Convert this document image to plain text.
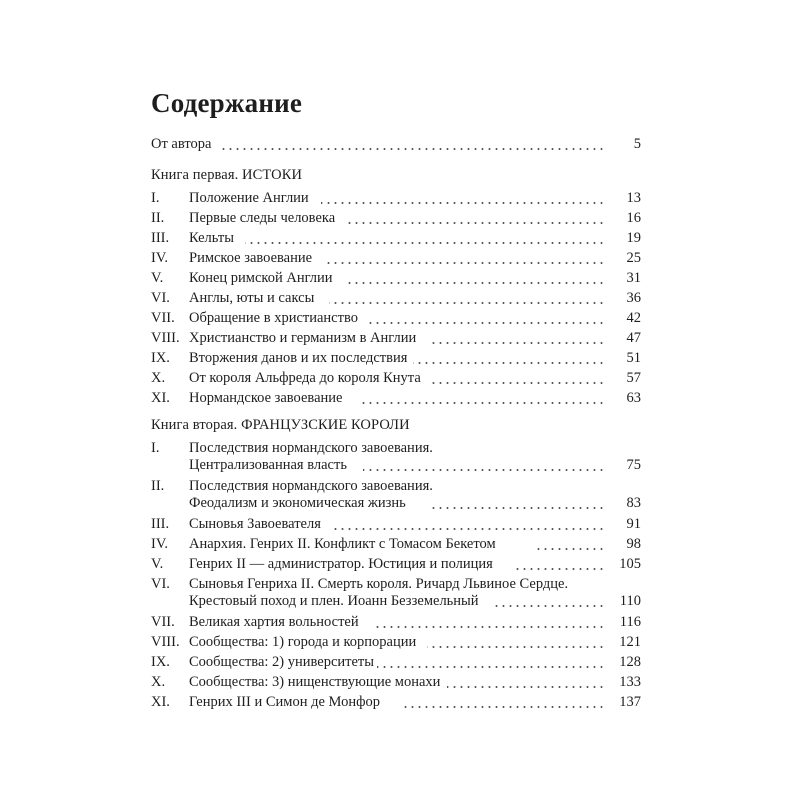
Содержание
От автора	5
Книга первая. ИСТОКИ
I.	Положение Англии	13
II.	Первые следы человека	16
III.	Кельты	19
IV.	Римское завоевание	25
V.	Конец римской Англии	31
VI.	Англы, юты и саксы	36
VII. Обращение в христианство	42
VIII. Христианство и германизм в Англии	47
IX.	Вторжения данов и их последствия	51
X.	От короля Альфреда до короля Кнута	57
XI.	Нормандское завоевание	63
Книга вторая. ФРАНЦУЗСКИЕ КОРОЛИ
I.	Последствия нормандского завоевания.
Централизованная власть	75
II.	Последствия нормандского завоевания.
Феодализм и экономическая жизнь	83
III.	Сыновья Завоевателя	91
IV.	Анархия. Генрих II. Конфликт с Томасом Бекетом	98
V.	Генрих II — администратор. Юстиция и полиция	105
VI.	Сыновья Генриха II. Смерть короля. Ричард Львиное Сердце.
Крестовый поход и плен. Иоанн Безземельный	110
VII. Великая хартия вольностей	116
VIII. Сообщества: 1) города и корпорации	121
IX.	Сообщества: 2) университеты	128
X.	Сообщества: 3) нищенствующие монахи	133
XI.	Генрих III и Симон де Монфор	137
